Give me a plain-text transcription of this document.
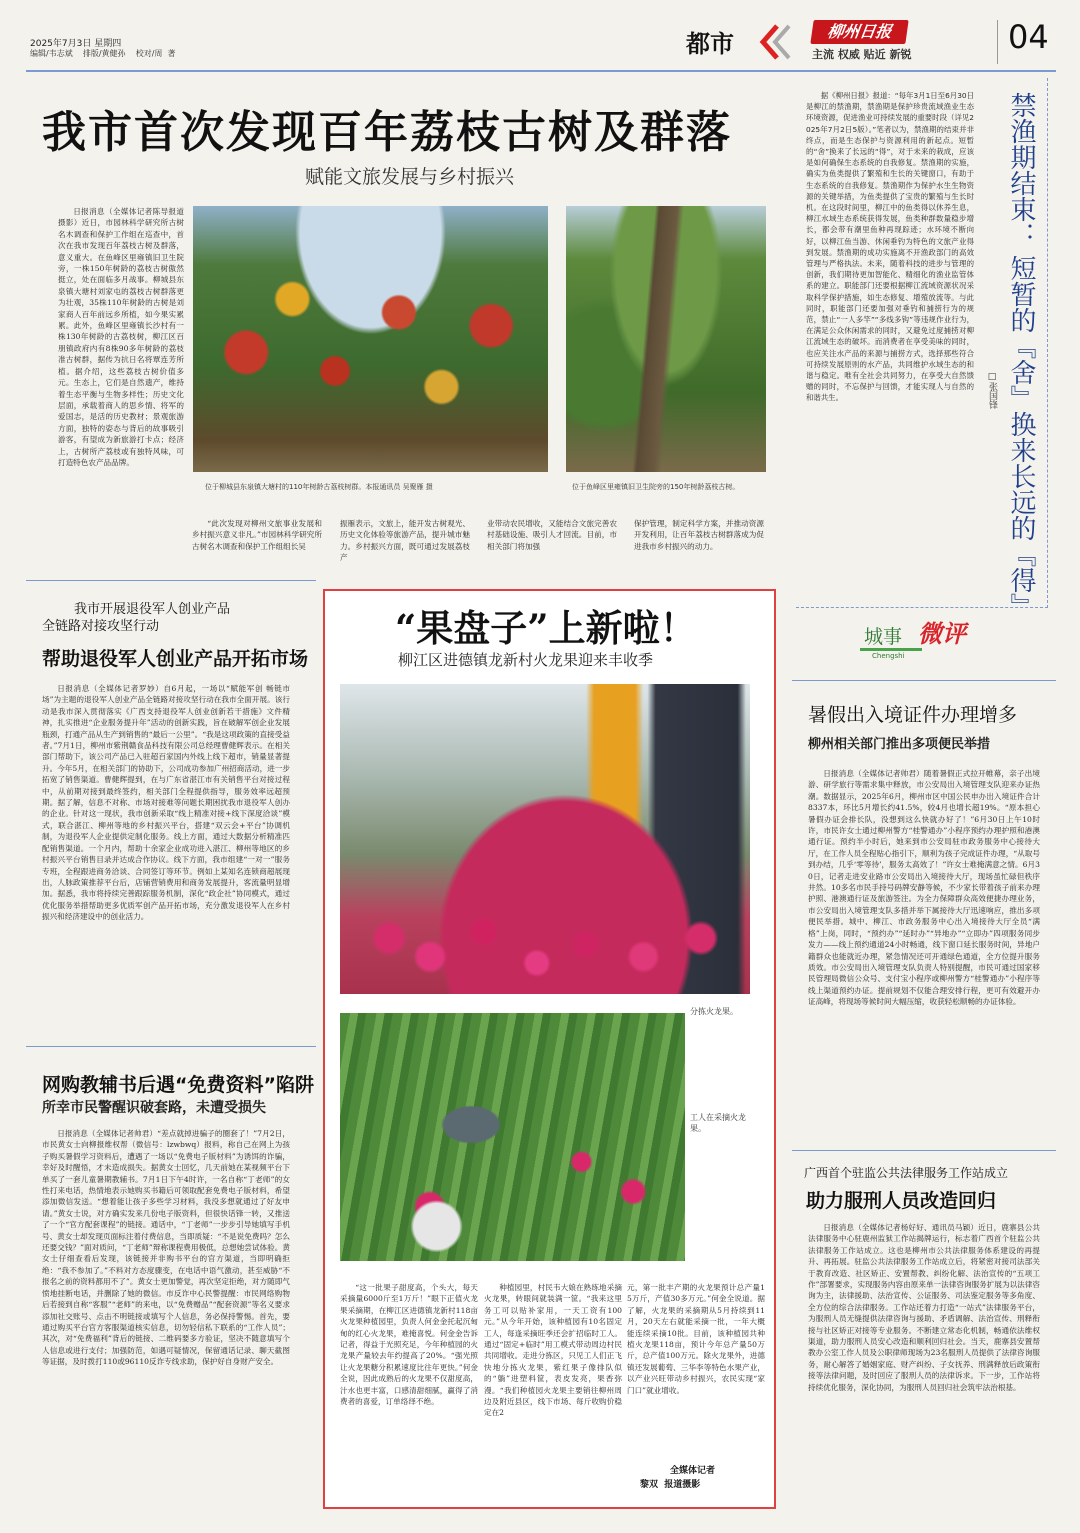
2025年7月3日 星期四
编辑/韦志斌    排版/黄健孙    校对/周  著	都市	柳州日报
主流 权威 贴近 新锐	04
我市首次发现百年荔枝古树及群落
赋能文旅发展与乡村振兴
日报消息（全媒体记者陈导报道摄影）近日，市园林科学研究所古树名木调查和保护工作组在巡查中，首次在我市发现百年荔枝古树及群落，意义重大。在鱼峰区里雍镇旧卫生院旁，一株150年树龄的荔枝古树傲然挺立，处在面临多月战事。柳城县东泉镇大塘村刘家屯的荔枝古树群落更为壮观，35株110年树龄的古树是刘家商人百年前远乡所植，如今果实累累。此外，鱼峰区里雍镇长沙村有一株130年树龄的古荔枝树，柳江区百朋镇政府内有8株90多年树龄的荔枝准古树群，据传为抗日名将覃连芳所植。据介绍，这些荔枝古树价值多元。生态上，它们是自然遗产，维持着生态平衡与生物多样性；历史文化层面，承载着商人的思乡情、将军的爱国志，是活的历史教材；景观旅游方面，独特的姿态与背后的故事吸引游客，有望成为新旅游打卡点；经济上，古树所产荔枝或有独特风味，可打造特色农产品品牌。
位于柳城县东泉镇大塘村的110年树龄古荔枝树群。本报通讯员 吴聚雁 摄	位于鱼峰区里雍镇旧卫生院旁的150年树龄荔枝古树。
“此次发现对柳州文旅事业发展和乡村振兴意义非凡。”市园林科学研究所古树名木调查和保护工作组组长吴
振雁表示，文旅上，能开发古树观光、历史文化体验等旅游产品，提升城市魅力。乡村振兴方面，既可通过发展荔枝产
业带动农民增收，又能结合文旅完善农村基础设施、吸引人才回流。目前，市相关部门将加强
保护管理，制定科学方案，并推动资源开发利用，让百年荔枝古树群落成为促进我市乡村振兴的动力。
据《柳州日报》报道：“每年3月1日至6月30日是柳江的禁渔期，禁渔期是保护珍贵流域渔业生态环境资源，促进渔业可持续发展的重要时段（详见2025年7月2日5版）。”笔者以为，禁渔期的结束并非终点，而是生态保护与资源利用的新起点。短暂的“舍”换来了长远的“得”，对于未来的栽成，应该是如何确保生态系统的自我修复。禁渔期的实施，确实为鱼类提供了繁殖和生长的关键窗口，有助于生态系统的自我修复。禁渔期作为保护水生生物资源的关键举措，为鱼类提供了宝贵的繁殖与生长时机。在这段时间里，柳江中的鱼类得以休养生息，柳江水域生态系统获得发展，鱼类种群数量稳步增长，都会带有潮里鱼种再现踪迹；水环境不断向好，以柳江鱼当游、休闲垂钓为特色的文旅产业得到发展。禁渔期的成功实施离不开渔政部门的高效管理与严格执法。未来，随着科技的进步与管理的创新，我们期待更加智能化、精细化的渔业监管体系的建立。职能部门还要根据柳江流域资源状况采取科学保护措施，如生态修复、增殖放流等。与此同时，职能部门还要加强对垂钓和捕捞行为的规范，禁止“一人多竿”“多线多钩”等违规作业行为，在满足公众休闲需求的同时，又避免过度捕捞对柳江流域生态的破坏。而消费者在享受美味的同时，也应关注水产品的来源与捕捞方式，选择那些符合可持续发展原则的水产品，共同维护水域生态的和谐与稳定。唯有全社会共同努力，在享受大自然馈赠的同时，不忘保护与回馈，才能实现人与自然的和谐共生。
禁渔期结束：
短暂的『舍』换来长远的『得』
□张国锋
城事
Chengshi
微评
我市开展退役军人创业产品
全链路对接攻坚行动
帮助退役军人创业产品开拓市场
日报消息（全媒体记者罗妙）自6月起，一场以“赋能军创 畅链市场”为主题的退役军人创业产品全链路对接攻坚行动在我市全面开展。该行动是我市深入贯彻落实《广西支持退役军人创业创新若干措施》文件精神，扎实推进“企业服务提升年”活动的创新实践，旨在破解军创企业发展瓶颈，打通产品从生产到销售的“最后一公里”。“我是这项政策的直接受益者。”7月1日，柳州市紫荆赣食品科技有限公司总经理曹健辉表示。在相关部门帮助下，该公司产品已入驻超百家国内外线上线下超市，销量显著提升。今年5月，在相关部门的协助下，公司成功参加广州招商活动，进一步拓宽了销售渠道。曹健辉提到，在与广东省湛江市有关销售平台对接过程中，从前期对接到最终签约，相关部门全程提供指导，服务效率远超预期。据了解，信息不对称、市场对接难等问题长期困扰我市退役军人创办的企业。针对这一现状，我市创新采取“线上精准对接+线下深度洽谈”模式，联合湛江、柳州等地的乡村振兴平台，搭建“双云会+平台”协调机制，为退役军人企业提供定制化服务。线上方面，通过大数据分析精准匹配销售渠道。一个月内，帮助十余家企业成功进入湛江、柳州等地区的乡村振兴平台销售目录并达成合作协议。线下方面，我市组建“一对一”服务专班，全程跟进商务洽谈、合同签订等环节。例如上某知名连锁商超展现出，人脉政策推荐平台后，店铺营销费用和商务发展提升，客流量明显增加。据悉，我市将持续完善跟踪服务机制，深化“政企社”协同模式，通过优化服务举措帮助更多优质军创产品开拓市场，充分激发退役军人在乡村振兴和经济建设中的创业活力。
网购教辅书后遇“免费资料”陷阱
所幸市民警醒识破套路，未遭受损失
日报消息（全媒体记者帅君）“差点就掉进骗子的圈套了！”7月2日，市民黄女士向柳报维权帮（微信号：lzwbwq）报料，称自己在网上为孩子购买暑假学习资料后，遭遇了一场以“免费电子版材料”为诱饵的诈骗，幸好及时醒悟，才未造成损失。据黄女士回忆，几天前她在某视频平台下单买了一套儿童暑期教辅书。7月1日下午4时许，一名自称“丁老师”的女性打来电话，热情地表示她购买书籍后可领取配套免费电子版材料，希望添加微信发送。“想着能让孩子多些学习材料，我没多想就通过了好友申请。”黄女士说，对方确实发来几份电子版资料，但很快话锋一转，又推送了一个“官方配套课程”的链接。通话中，“丁老师”一步步引导她填写手机号、黄女士却发现页面标注着付费信息，当即质疑：“不是说免费吗？怎么还要交钱？”面对质问，“丁老师”辩称课程费用极低，总想她尝试体验。黄女士仔细查看后发现，该链接并非购书平台的官方渠道，当即明确拒绝：“我不参加了。”不料对方态度骤变，在电话中语气激动，甚至威胁“不报名之前的资料都用不了”。黄女士更加警觉，再次坚定拒绝，对方随即气愤地挂断电话，并删除了她的微信。市反诈中心民警提醒：市民网络购物后若接到自称“客服”“老师”的来电，以“免费赠品”“配套资源”等名义要求添加社交账号、点击不明链接或填写个人信息，务必保持警惕。首先，要通过购买平台官方客服渠道核实信息，切勿轻信私下联系的“工作人员”；其次，对“免费福利”背后的链接、二维码要多方验证，坚决不随意填写个人信息或进行支付；加强防范，如遇可疑情况，保留通话记录、聊天截图等证据，及时拨打110或96110反诈专线求助，保护好自身财产安全。
“果盘子”上新啦！
柳江区进德镇龙新村火龙果迎来丰收季
分拣火龙果。
工人在采摘火龙果。
“这一批果子甜度高，个头大，每天采摘量6000斤至1万斤！”眼下正值火龙果采摘期，在柳江区进德镇龙新村118亩火龙果种植园里，负责人何金金托起沉甸甸的红心火龙果，难掩喜悦。何金金告诉记者，得益于光照充足，今年种植园的火龙果产量较去年约提高了20%。“强光照让火龙果糖分积累速度比往年更快。”何金全说，因此成熟后的火龙果不仅甜度高，汁水也更丰富，口感清甜细腻，赢得了消费者的喜爱，订单络绎不绝。
种植园里，村民韦大娘在熟练地采摘火龙果，转眼间就装满一筐。“我来这里务工可以贴补家用，一天工资有100元。”从今年开始，该种植园有10名固定工人，每逢采摘旺季还会扩招临时工人。通过“固定+临时”用工模式带动周边村民共同增收。走进分拣区，只见工人们正飞快地分拣火龙果，紫红果子像排队似的“躺”进塑料筐，表皮发亮，果香弥漫。“我们种植园火龙果主要销往柳州周边及附近县区，线下市场、每斤收购价稳定在2
元，第一批丰产期的火龙果预计总产量15万斤，产值30多万元。”何金全说道。据了解，火龙果的采摘期从5月持续到11月，20天左右就能采摘一批，一年大概能连续采摘10批。目前，该种植园共种植火龙果118亩，预计今年总产量50万斤，总产值100万元。除火龙果外，进德镇还发展葡萄、三华李等特色水果产业，以产业兴旺带动乡村振兴，农民实现“家门口”就业增收。
全媒体记者
黎双  报道摄影
暑假出入境证件办理增多
柳州相关部门推出多项便民举措
日报消息（全媒体记者帅君）随着暑假正式拉开帷幕，亲子出境游、研学旅行等需求集中释放，市公安局出入境管理支队迎来办证热潮。数据显示，2025年6月，柳州市区中国公民申办出入境证件合计8337本，环比5月增长约41.5%，较4月也增长超19%。“原本担心暑假办证会排长队，没想到这么快就办好了！”6月30日上午10时许，市民许女士通过柳州警方“桂警通办”小程序预约办理护照和港澳通行证。预约半小时后，她来到市公安局驻市政务服务中心接待大厅，在工作人员全程贴心指引下，顺利为孩子完成证件办理，“从取号到办结，几乎‘零等待’，服务太高效了！”许女士难掩满意之情。6月30日，记者走进安业路市公安局出入境接待大厅，现场虽忙碌但秩序井然。10多名市民手持号码牌安静等候，不少家长带着孩子前来办理护照、港澳通行证及旅游签注。为全力保障群众高效便捷办理业务，市公安局出入境管理支队多措并举下属接待大厅迅速响应，推出多项便民举措。城中、柳江、市政务服务中心出入境接待大厅全员“满格”上岗，同时，“预约办”“延时办”“异地办”“立即办”四项服务同步发力——线上预约通道24小时畅通，线下窗口延长服务时间，异地户籍群众也能就近办理，紧急情况还可开通绿色通道，全方位提升服务质效。市公安局出入境管理支队负责人特别提醒，市民可通过国家移民管理局微信公众号、支付宝小程序或柳州警方“桂警通办”小程序等线上渠道预约办证。提前规划不仅能合理安排行程，更可有效避开办证高峰，将现场等候时间大幅压缩，收获轻松顺畅的办证体验。
广西首个驻监公共法律服务工作站成立
助力服刑人员改造回归
日报消息（全媒体记者杨好好、通讯员马颖）近日，鹿寨县公共法律服务中心驻鹿州监狱工作站揭牌运行，标志着广西首个驻监公共法律服务工作站成立。这也是柳州市公共法律服务体系建设的再提升、再拓展。驻监公共法律服务工作站成立后，将紧密对接司法部关于教育改造、社区矫正、安置帮教、纠纷化解、法治宣传的“五项工作”部署要求，实现服务内容由原来单一法律咨询服务扩展为以法律咨询为主，法律援助、法治宣传、公证服务、司法鉴定服务等多角度、全方位的综合法律服务。工作站还着力打造“一站式”法律服务平台，为服刑人员无缝提供法律咨询与援助、矛盾调解、法治宣传、刑释衔接与社区矫正对接等专业服务。不断建立常态化机制，畅通依法维权渠道，助力服刑人员安心改造和顺利回归社会。当天，鹿寨县安置帮教办公室工作人员及公职律师现场为23名服刑人员提供了法律咨询服务，耐心解答了婚姻家庭、财产纠纷、子女抚养、刑满释放后政策衔接等法律问题，及时回应了服刑人员的法律诉求。下一步，工作站将持续优化服务，深化协同，为服刑人员回归社会筑牢法治根基。
